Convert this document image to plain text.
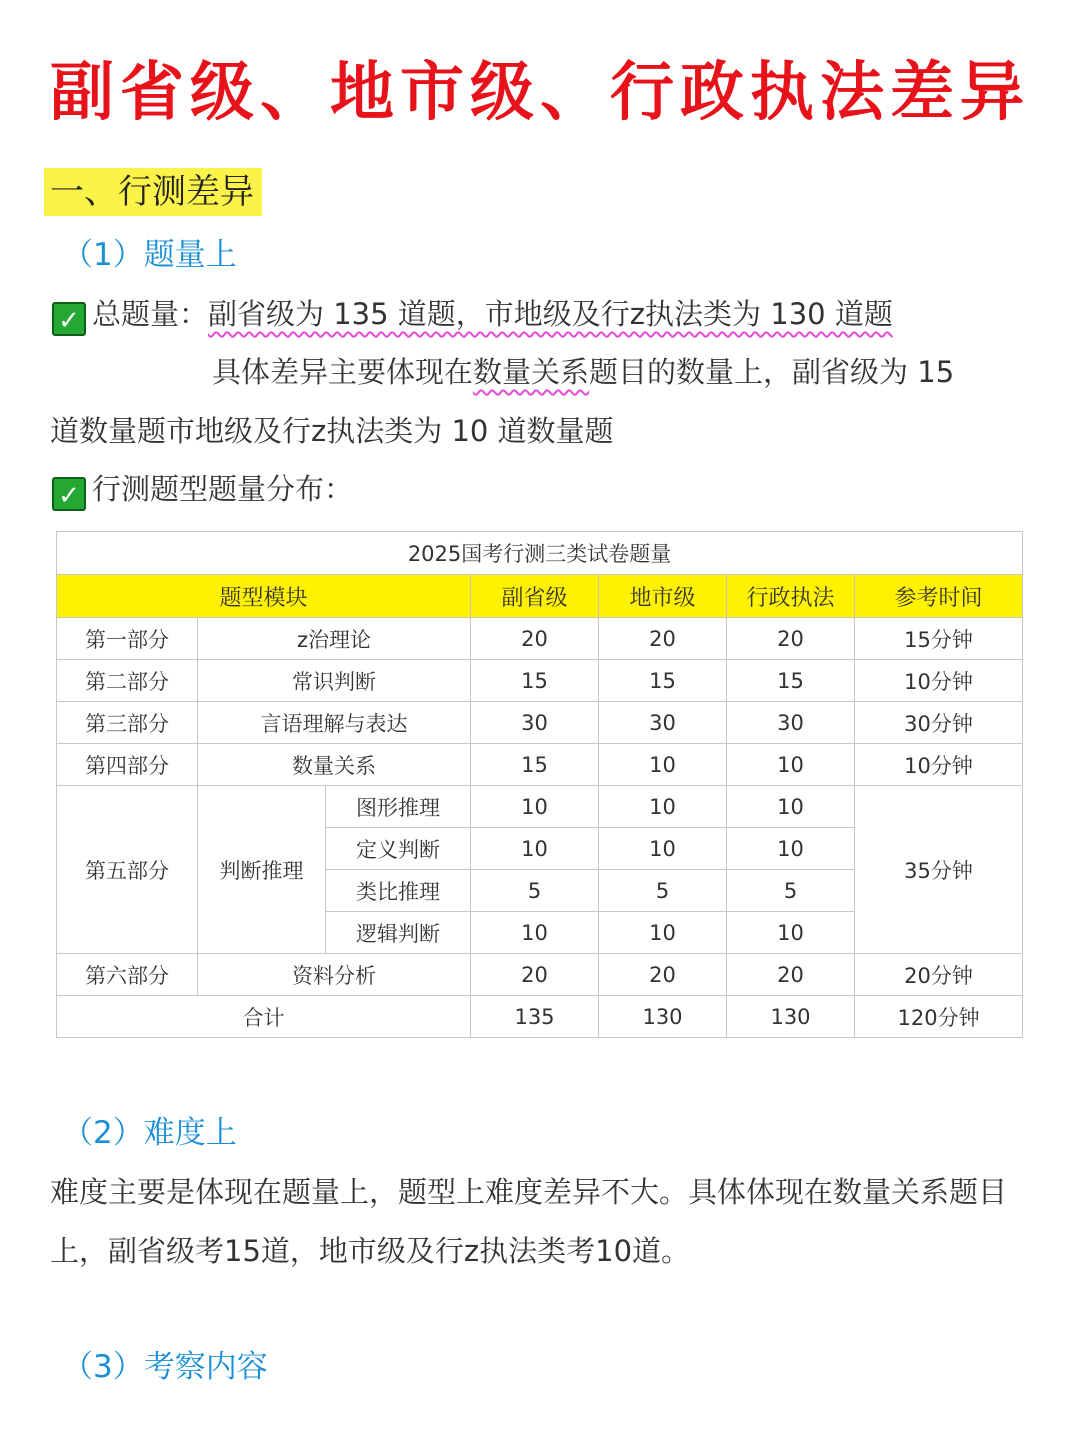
副省级、地市级、行政执法差异
一、行测差异
（1）题量上
✓ 总题量：副省级为 135 道题，市地级及行z执法类为 130 道题
具体差异主要体现在数量关系题目的数量上，副省级为 15
道数量题市地级及行z执法类为 10 道数量题
✓ 行测题型题量分布：
2025国考行测三类试卷题量						
题型模块			副省级	地市级	行政执法	参考时间
第一部分	z治理论		20	20	20	15分钟
第二部分	常识判断		15	15	15	10分钟
第三部分	言语理解与表达		30	30	30	30分钟
第四部分	数量关系		15	10	10	10分钟
第五部分	判断推理	图形推理	10	10	10	35分钟
		定义判断	10	10	10	
		类比推理	5	5	5	
		逻辑判断	10	10	10	
第六部分	资料分析		20	20	20	20分钟
合计			135	130	130	120分钟
（2）难度上
难度主要是体现在题量上，题型上难度差异不大。具体体现在数量关系题目上，副省级考15道，地市级及行z执法类考10道。
（3）考察内容
